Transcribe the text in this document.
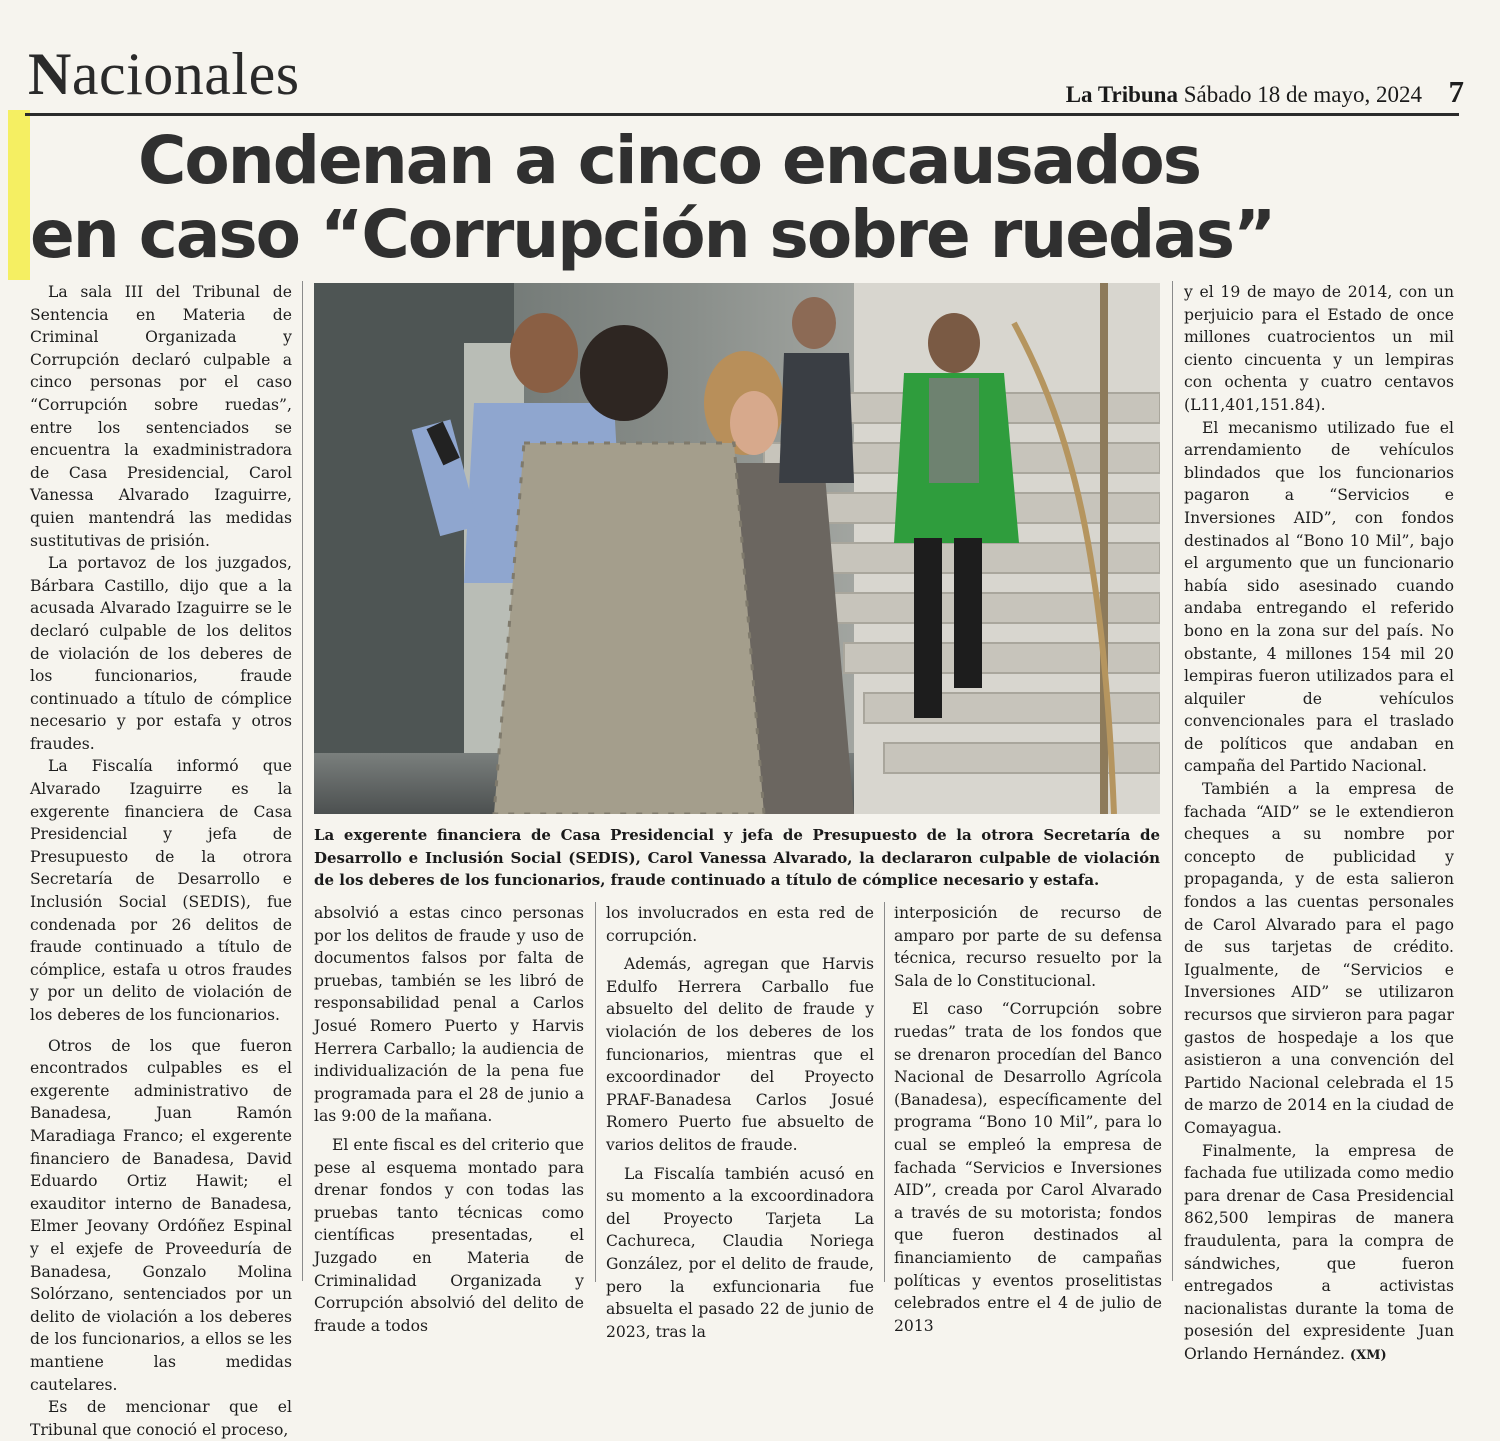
Nacionales	La Tribuna Sábado 18 de mayo, 2024 7
Condenan a cinco encausados
en caso “Corrupción sobre ruedas”

La sala III del Tribunal de Sentencia en Materia de Criminal Organizada y Corrupción declaró culpable a cinco personas por el caso “Corrupción sobre ruedas”, entre los sentenciados se encuentra la exadministradora de Casa Presidencial, Carol Vanessa Alvarado Izaguirre, quien mantendrá las medidas sustitutivas de prisión.

La portavoz de los juzgados, Bárbara Castillo, dijo que a la acusada Alvarado Izaguirre se le declaró culpable de los delitos de violación de los deberes de los funcionarios, fraude continuado a título de cómplice necesario y por estafa y otros fraudes.

La Fiscalía informó que Alvarado Izaguirre es la exgerente financiera de Casa Presidencial y jefa de Presupuesto de la otrora Secretaría de Desarrollo e Inclusión Social (SEDIS), fue condenada por 26 delitos de fraude continuado a título de cómplice, estafa u otros fraudes y por un delito de violación de los deberes de los funcionarios.

Otros de los que fueron encontrados culpables es el exgerente administrativo de Banadesa, Juan Ramón Maradiaga Franco; el exgerente financiero de Banadesa, David Eduardo Ortiz Hawit; el exauditor interno de Banadesa, Elmer Jeovany Ordóñez Espinal y el exjefe de Proveeduría de Banadesa, Gonzalo Molina Solórzano, sentenciados por un delito de violación a los deberes de los funcionarios, a ellos se les mantiene las medidas cautelares.

Es de mencionar que el Tribunal que conoció el proceso,

La exgerente financiera de Casa Presidencial y jefa de Presupuesto de la otrora Secretaría de Desarrollo e Inclusión Social (SEDIS), Carol Vanessa Alvarado, la declararon culpable de violación de los deberes de los funcionarios, fraude continuado a título de cómplice necesario y estafa.

absolvió a estas cinco personas por los delitos de fraude y uso de documentos falsos por falta de pruebas, también se les libró de responsabilidad penal a Carlos Josué Romero Puerto y Harvis Herrera Carballo; la audiencia de individualización de la pena fue programada para el 28 de junio a las 9:00 de la mañana.

El ente fiscal es del criterio que pese al esquema montado para drenar fondos y con todas las pruebas tanto técnicas como científicas presentadas, el Juzgado en Materia de Criminalidad Organizada y Corrupción absolvió del delito de fraude a todos

los involucrados en esta red de corrupción.

Además, agregan que Harvis Edulfo Herrera Carballo fue absuelto del delito de fraude y violación de los deberes de los funcionarios, mientras que el excoordinador del Proyecto PRAF-Banadesa Carlos Josué Romero Puerto fue absuelto de varios delitos de fraude.

La Fiscalía también acusó en su momento a la excoordinadora del Proyecto Tarjeta La Cachureca, Claudia Noriega González, por el delito de fraude, pero la exfuncionaria fue absuelta el pasado 22 de junio de 2023, tras la

interposición de recurso de amparo por parte de su defensa técnica, recurso resuelto por la Sala de lo Constitucional.

El caso “Corrupción sobre ruedas” trata de los fondos que se drenaron procedían del Banco Nacional de Desarrollo Agrícola (Banadesa), específicamente del programa “Bono 10 Mil”, para lo cual se empleó la empresa de fachada “Servicios e Inversiones AID”, creada por Carol Alvarado a través de su motorista; fondos que fueron destinados al financiamiento de campañas políticas y eventos proselitistas celebrados entre el 4 de julio de 2013

y el 19 de mayo de 2014, con un perjuicio para el Estado de once millones cuatrocientos un mil ciento cincuenta y un lempiras con ochenta y cuatro centavos (L11,401,151.84).

El mecanismo utilizado fue el arrendamiento de vehículos blindados que los funcionarios pagaron a “Servicios e Inversiones AID”, con fondos destinados al “Bono 10 Mil”, bajo el argumento que un funcionario había sido asesinado cuando andaba entregando el referido bono en la zona sur del país. No obstante, 4 millones 154 mil 20 lempiras fueron utilizados para el alquiler de vehículos convencionales para el traslado de políticos que andaban en campaña del Partido Nacional.

También a la empresa de fachada “AID” se le extendieron cheques a su nombre por concepto de publicidad y propaganda, y de esta salieron fondos a las cuentas personales de Carol Alvarado para el pago de sus tarjetas de crédito. Igualmente, de “Servicios e Inversiones AID” se utilizaron recursos que sirvieron para pagar gastos de hospedaje a los que asistieron a una convención del Partido Nacional celebrada el 15 de marzo de 2014 en la ciudad de Comayagua.

Finalmente, la empresa de fachada fue utilizada como medio para drenar de Casa Presidencial 862,500 lempiras de manera fraudulenta, para la compra de sándwiches, que fueron entregados a activistas nacionalistas durante la toma de posesión del expresidente Juan Orlando Hernández. (XM)
